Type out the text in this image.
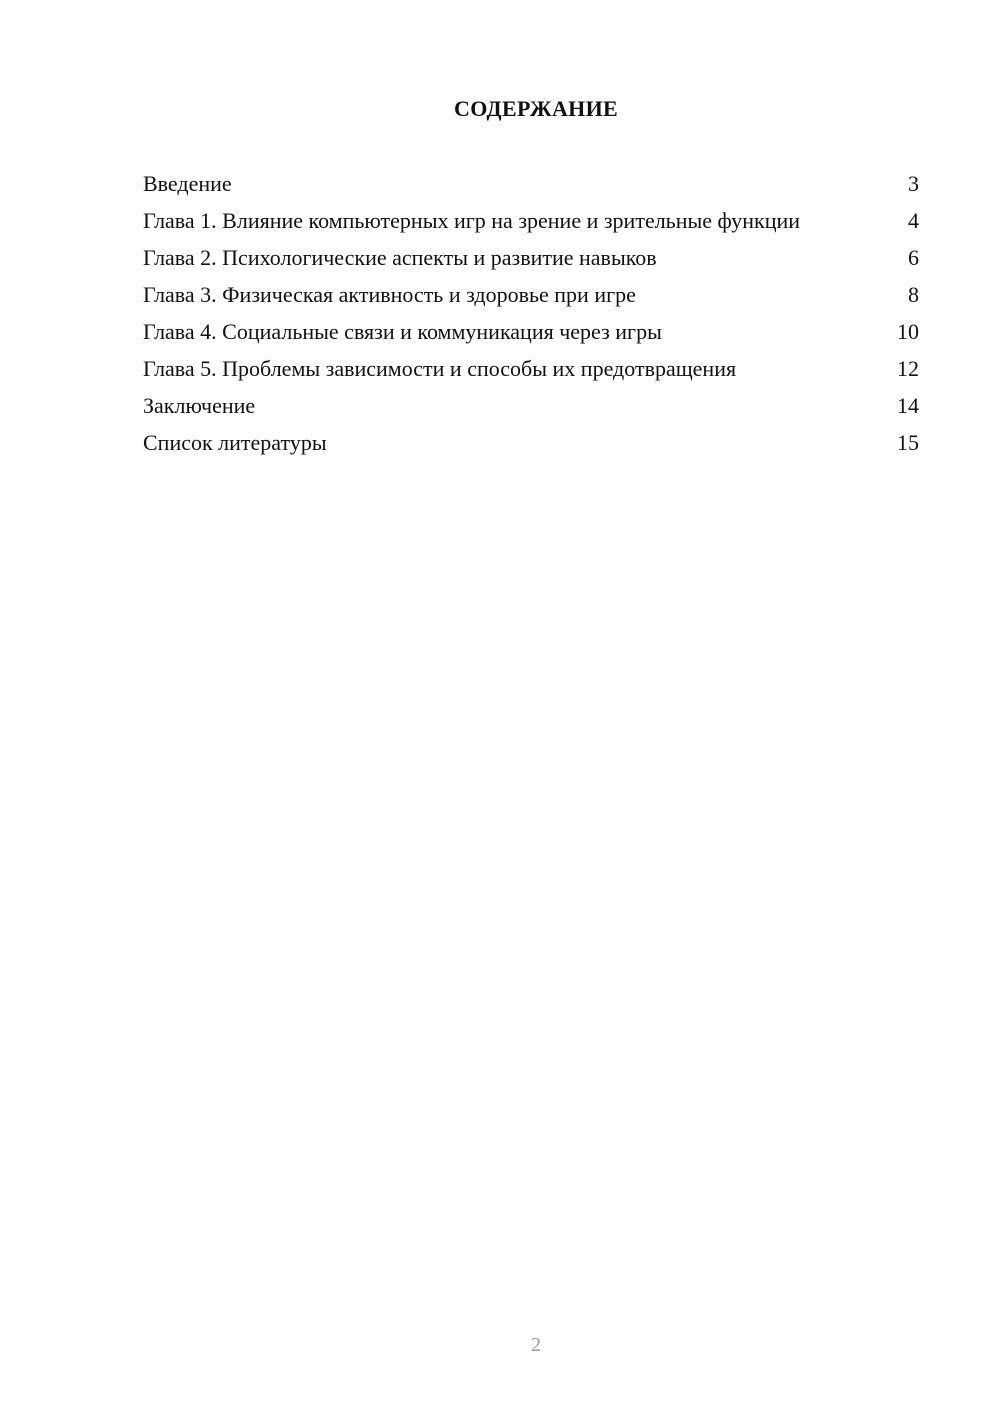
СОДЕРЖАНИЕ
Введение	3
Глава 1. Влияние компьютерных игр на зрение и зрительные функции	4
Глава 2. Психологические аспекты и развитие навыков	6
Глава 3. Физическая активность и здоровье при игре	8
Глава 4. Социальные связи и коммуникация через игры	10
Глава 5. Проблемы зависимости и способы их предотвращения	12
Заключение	14
Список литературы	15
2
